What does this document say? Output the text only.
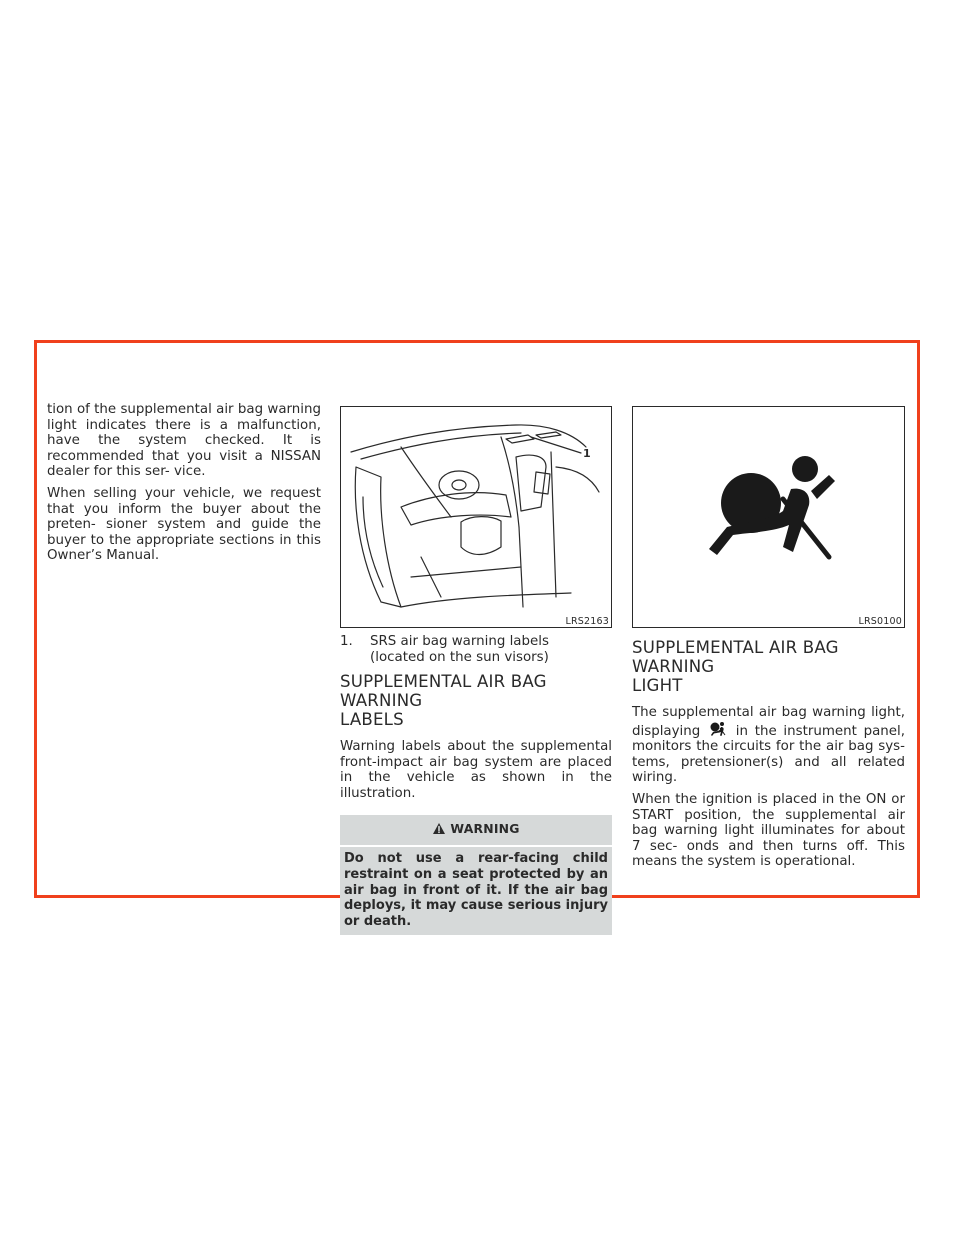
tion of the supplemental air bag warning light indicates there is a malfunction, have the system checked. It is recommended that you visit a NISSAN dealer for this ser- vice.

When selling your vehicle, we request that you inform the buyer about the preten- sioner system and guide the buyer to the appropriate sections in this Owner’s Manual.

1
LRS2163
1. SRS air bag warning labels
(located on the sun visors)
SUPPLEMENTAL AIR BAG WARNING
LABELS

Warning labels about the supplemental front-impact air bag system are placed in the vehicle as shown in the illustration.

WARNING
Do not use a rear-facing child restraint on a seat protected by an air bag in front of it. If the air bag deploys, it may cause serious injury or death.
LRS0100
SUPPLEMENTAL AIR BAG WARNING
LIGHT

The supplemental air bag warning light, displaying	in the instrument panel, monitors the circuits for the air bag sys- tems, pretensioner(s) and all related wiring.

When the ignition is placed in the ON or START position, the supplemental air bag warning light illuminates for about 7 sec- onds and then turns off. This means the system is operational.
